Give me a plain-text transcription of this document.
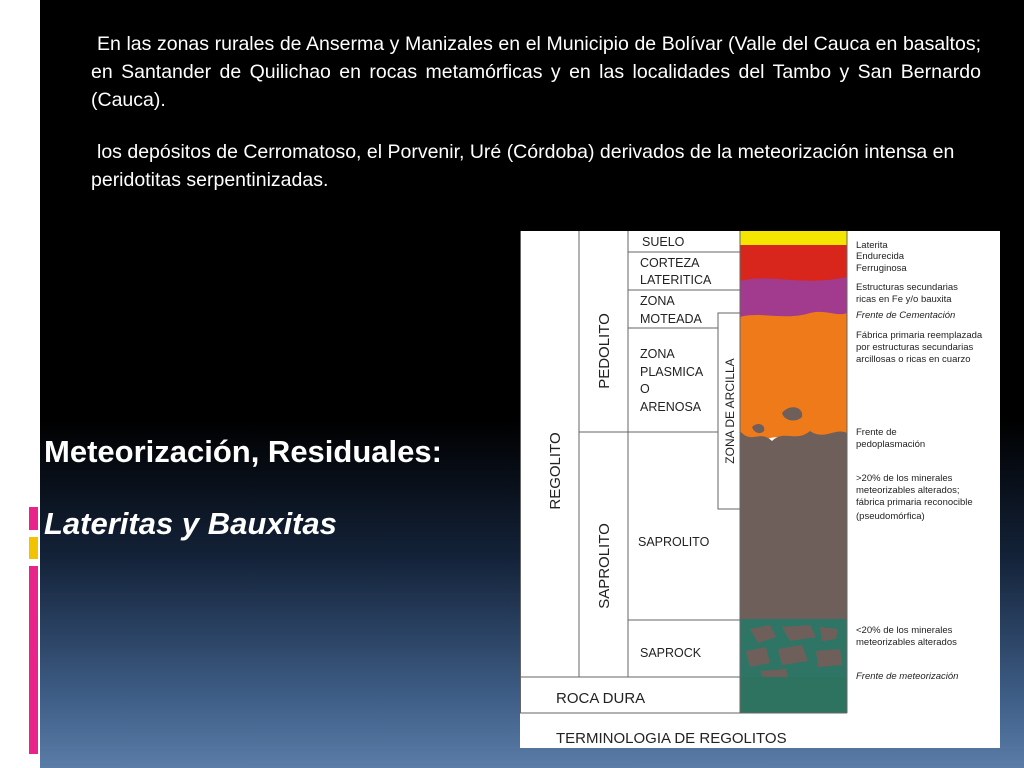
En las zonas rurales de Anserma y Manizales en el Municipio de Bolívar (Valle del Cauca en basaltos; en Santander de Quilichao en rocas metamórficas y en las localidades del Tambo y San Bernardo (Cauca).
los depósitos de Cerromatoso, el Porvenir, Uré (Córdoba) derivados de la meteorización intensa en peridotitas serpentinizadas.
Meteorización, Residuales:
Lateritas y Bauxitas
REGOLITO
PEDOLITO
SAPROLITO
ZONA DE ARCILLA
SUELO
CORTEZA
LATERITICA
ZONA
MOTEADA
ZONA
PLASMICA
O
ARENOSA
SAPROLITO
SAPROCK
ROCA DURA
TERMINOLOGIA DE REGOLITOS
Laterita
Endurecida
Ferruginosa
Estructuras secundarias
ricas en Fe y/o bauxita
Frente de Cementación
Fábrica primaria reemplazada
por estructuras secundarias
arcillosas o ricas en cuarzo
Frente de
pedoplasmación
>20% de los minerales
meteorizables alterados;
fábrica primaria reconocible
(pseudomórfica)
<20% de los minerales
meteorizables alterados
Frente de meteorización
